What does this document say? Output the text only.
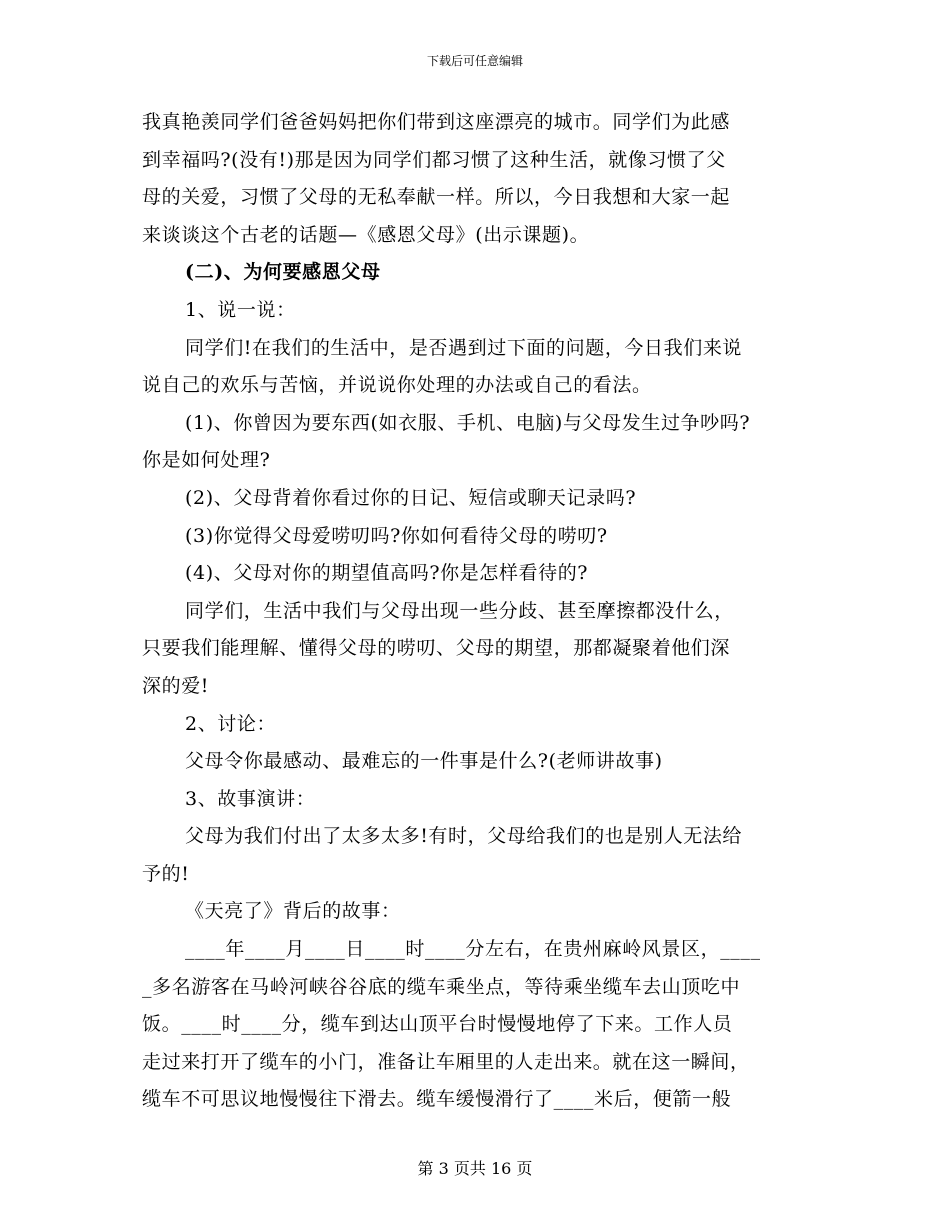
下载后可任意编辑
我真艳羡同学们爸爸妈妈把你们带到这座漂亮的城市。同学们为此感
到幸福吗?(没有!)那是因为同学们都习惯了这种生活，就像习惯了父
母的关爱，习惯了父母的无私奉献一样。所以，今日我想和大家一起
来谈谈这个古老的话题—《感恩父母》(出示课题)。
(二)、为何要感恩父母
1、说一说：
同学们!在我们的生活中，是否遇到过下面的问题，今日我们来说
说自己的欢乐与苦恼，并说说你处理的办法或自己的看法。
(1)、你曾因为要东西(如衣服、手机、电脑)与父母发生过争吵吗?
你是如何处理?
(2)、父母背着你看过你的日记、短信或聊天记录吗?
(3)你觉得父母爱唠叨吗?你如何看待父母的唠叨?
(4)、父母对你的期望值高吗?你是怎样看待的?
同学们，生活中我们与父母出现一些分歧、甚至摩擦都没什么，
只要我们能理解、懂得父母的唠叨、父母的期望，那都凝聚着他们深
深的爱!
2、讨论：
父母令你最感动、最难忘的一件事是什么?(老师讲故事)
3、故事演讲：
父母为我们付出了太多太多!有时，父母给我们的也是别人无法给
予的!
《天亮了》背后的故事：
____年____月____日____时____分左右，在贵州麻岭风景区，____
_多名游客在马岭河峡谷谷底的缆车乘坐点，等待乘坐缆车去山顶吃中
饭。____时____分，缆车到达山顶平台时慢慢地停了下来。工作人员
走过来打开了缆车的小门，准备让车厢里的人走出来。就在这一瞬间，
缆车不可思议地慢慢往下滑去。缆车缓慢滑行了____米后，便箭一般
第 3 页共 16 页
